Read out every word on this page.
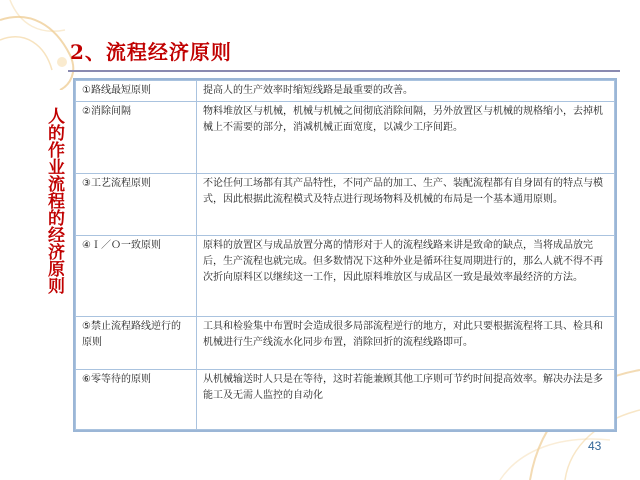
2、流程经济原则
人的作业流程的经济原则
①路线最短原则	提高人的生产效率时缩短线路是最重要的改善。
②消除间隔	物料堆放区与机械，机械与机械之间彻底消除间隔，另外放置区与机械的规格缩小，去掉机械上不需要的部分，消减机械正面宽度，以减少工序间距。
③工艺流程原则	不论任何工场都有其产品特性，不同产品的加工、生产、装配流程都有自身固有的特点与模式，因此根据此流程模式及特点进行现场物料及机械的布局是一个基本通用原则。
④Ｉ／Ｏ一致原则	原料的放置区与成品放置分离的情形对于人的流程线路来讲是致命的缺点，当将成品放完后，生产流程也就完成。但多数情况下这种外业是循环往复周期进行的，那么人就不得不再次折向原料区以继续这一工作，因此原料堆放区与成品区一致是最效率最经济的方法。
⑤禁止流程路线逆行的原则	工具和检验集中布置时会造成很多局部流程逆行的地方，对此只要根据流程将工具、检具和机械进行生产线流水化同步布置，消除回折的流程线路即可。
⑥零等待的原则	从机械输送时人只是在等待，这时若能兼顾其他工序则可节约时间提高效率。解决办法是多能工及无需人监控的自动化
43
